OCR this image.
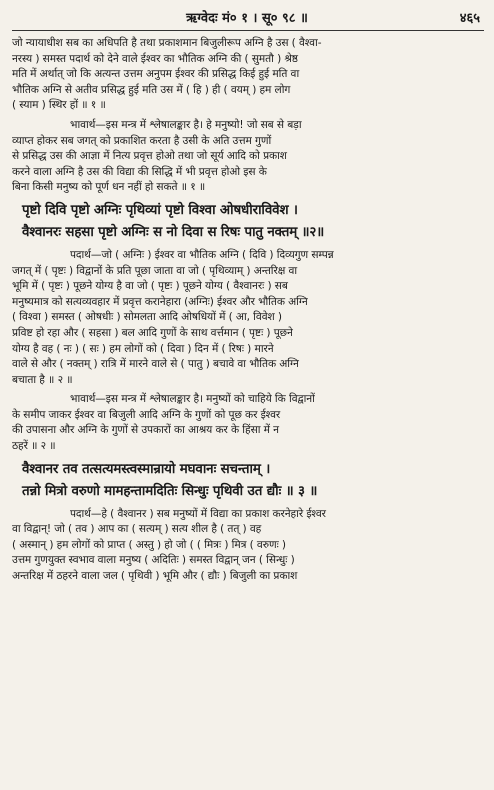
ऋग्वेदः मं० १ । सू० ९८ ॥	४६५
जो न्यायाधीश सब का अधिपति है तथा प्रकाशमान बिजुलीरूप अग्नि है उस ( वैश्वा-
नरस्य ) समस्त पदार्थ को देने वाले ईश्वर का भौतिक अग्नि की ( सुमतौ ) श्रेष्ठ
मति में अर्थात् जो कि अत्यन्त उत्तम अनुपम ईश्वर की प्रसिद्ध किई हुई मति वा
भौतिक अग्नि से अतीव प्रसिद्ध हुई मति उस में ( हि ) ही ( वयम् ) हम लोग
( स्याम ) स्थिर हों ॥ १ ॥
भावार्थ—इस मन्त्र में श्लेषालङ्कार है। हे मनुष्यो! जो सब से बड़ा
व्याप्त होकर सब जगत् को प्रकाशित करता है उसी के अति उत्तम गुणों
से प्रसिद्ध उस की आज्ञा में नित्य प्रवृत्त होओ तथा जो सूर्य आदि को प्रकाश
करने वाला अग्नि है उस की विद्या की सिद्धि में भी प्रवृत्त होओ इस के
बिना किसी मनुष्य को पूर्ण धन नहीं हो सकते ॥ १ ॥
पृष्टो दिवि पृष्टो अग्निः पृथिव्यां पृष्टो विश्वा ओषधीराविवेश ।
वैश्वानरः सहसा पृष्टो अग्निः स नो दिवा स रिषः पातु नक्तम् ॥२॥
पदार्थ—जो ( अग्निः ) ईश्वर वा भौतिक अग्नि ( दिवि ) दिव्यगुण सम्पन्न
जगत् में ( पृष्टः ) विद्वानों के प्रति पूछा जाता वा जो ( पृथिव्याम् ) अन्तरिक्ष वा
भूमि में ( पृष्टः ) पूछने योग्य है वा जो ( पृष्टः ) पूछने योग्य ( वैश्वानरः ) सब
मनुष्यमात्र को सत्यव्यवहार में प्रवृत्त करानेहारा (अग्निः) ईश्वर और भौतिक अग्नि
( विश्वा ) समस्त ( ओषधीः ) सोमलता आदि ओषधियों में ( आ, विवेश )
प्रविष्ट हो रहा और ( सहसा ) बल आदि गुणों के साथ वर्त्तमान ( पृष्टः ) पूछने
योग्य है वह ( नः ) ( सः ) हम लोगों को ( दिवा ) दिन में ( रिषः ) मारने
वाले से और ( नक्तम् ) रात्रि में मारने वाले से ( पातु ) बचावे वा भौतिक अग्नि
बचाता है ॥ २ ॥
भावार्थ—इस मन्त्र में श्लेषालङ्कार है। मनुष्यों को चाहिये कि विद्वानों
के समीप जाकर ईश्वर वा बिजुली आदि अग्नि के गुणों को पूछ कर ईश्वर
की उपासना और अग्नि के गुणों से उपकारों का आश्रय कर के हिंसा में न
ठहरें ॥ २ ॥
वैश्वानर तव तत्सत्यमस्त्वस्मान्रायो मघवानः सचन्ताम् ।
तन्नो मित्रो वरुणो मामहन्तामदितिः सिन्धुः पृथिवी उत द्यौः ॥ ३ ॥
पदार्थ—हे ( वैश्वानर ) सब मनुष्यों में विद्या का प्रकाश करनेहारे ईश्वर
वा विद्वान्! जो ( तव ) आप का ( सत्यम् ) सत्य शील है ( तत् ) वह
( अस्मान् ) हम लोगों को प्राप्त ( अस्तु ) हो जो ( ( मित्रः ) मित्र ( वरुणः )
उत्तम गुणयुक्त स्वभाव वाला मनुष्य ( अदितिः ) समस्त विद्वान् जन ( सिन्धुः )
अन्तरिक्ष में ठहरने वाला जल ( पृथिवी ) भूमि और ( द्यौः ) बिजुली का प्रकाश
